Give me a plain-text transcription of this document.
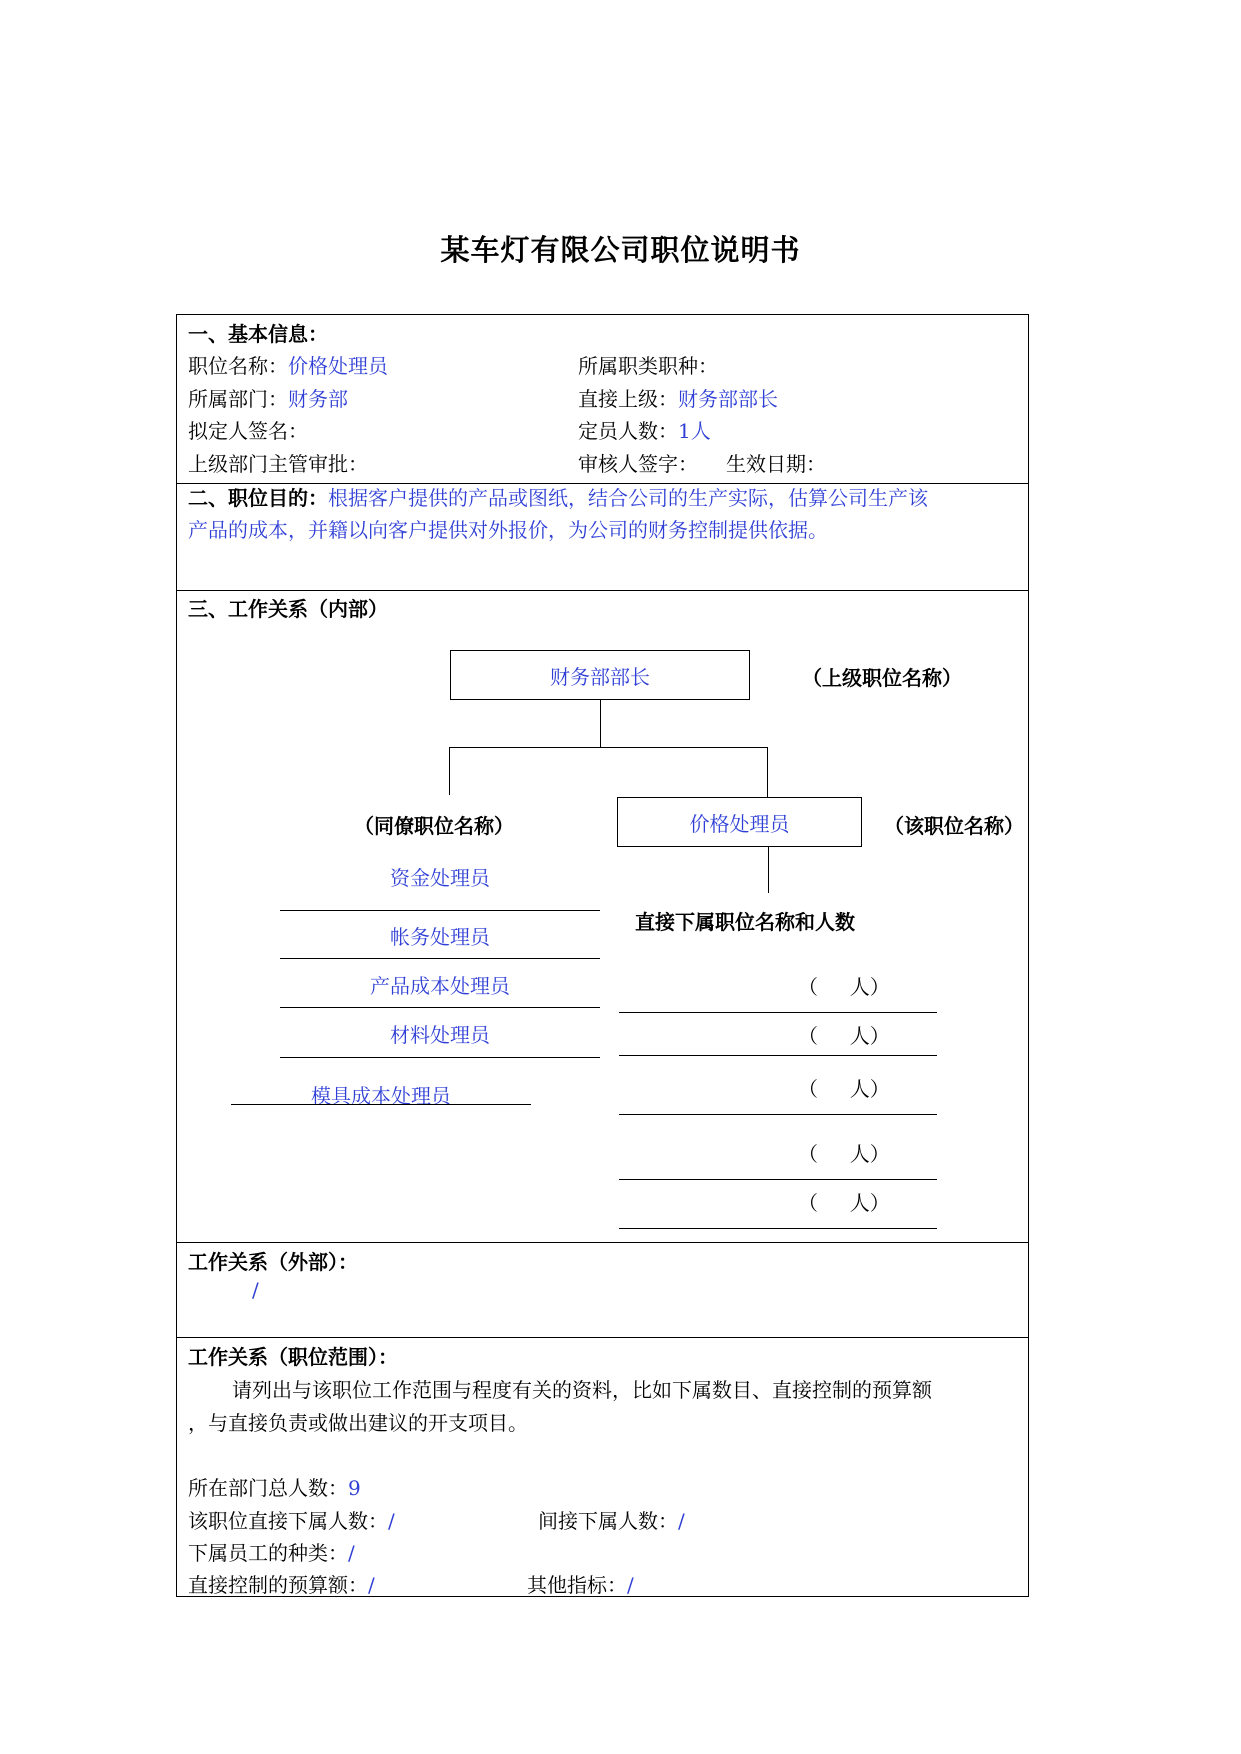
某车灯有限公司职位说明书
一、基本信息：
职位名称：价格处理员	所属职类职种：
所属部门：财务部	直接上级：财务部部长
拟定人签名：	定员人数：1人
上级部门主管审批：	审核人签字： 生效日期：
二、职位目的：根据客户提供的产品或图纸，结合公司的生产实际，估算公司生产该
产品的成本，并籍以向客户提供对外报价，为公司的财务控制提供依据。
三、工作关系（内部）
财务部部长	（上级职位名称）
（同僚职位名称）	价格处理员	（该职位名称）
资金处理员
帐务处理员
产品成本处理员
材料处理员
模具成本处理员
直接下属职位名称和人数
（     人）
（     人）
（     人）
（     人）
（     人）
工作关系（外部）：
/
工作关系（职位范围）：
请列出与该职位工作范围与程度有关的资料，比如下属数目、直接控制的预算额
，与直接负责或做出建议的开支项目。
所在部门总人数：9
该职位直接下属人数：/	间接下属人数：/
下属员工的种类：/
直接控制的预算额：/	其他指标：/
